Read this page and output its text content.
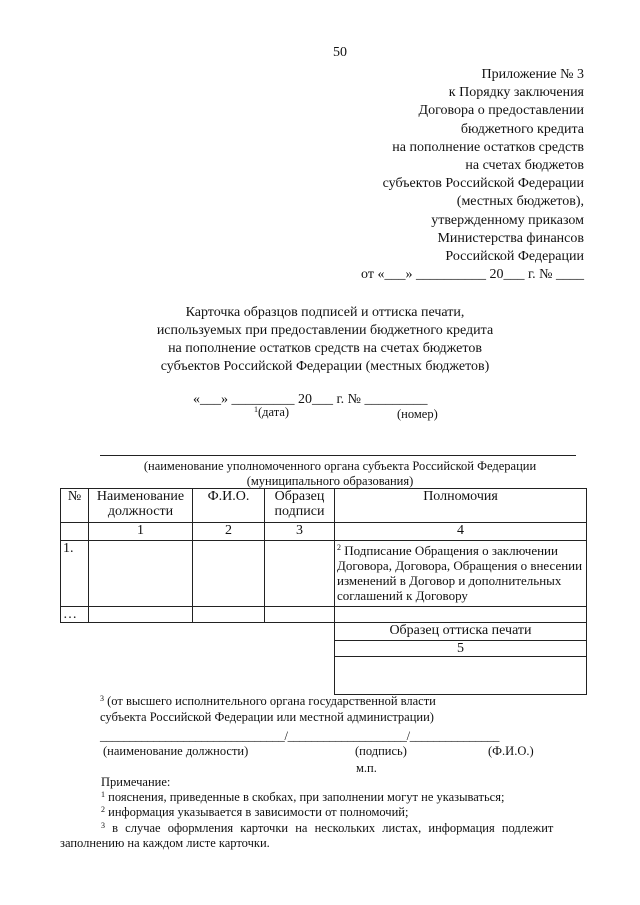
50
Приложение № 3
к Порядку заключения
Договора о предоставлении
бюджетного кредита
на пополнение остатков средств
на счетах бюджетов
субъектов Российской Федерации
(местных бюджетов),
утвержденному приказом
Министерства финансов
Российской Федерации
от «___» __________ 20___ г. № ____
Карточка образцов подписей и оттиска печати,
используемых при предоставлении бюджетного кредита
на пополнение остатков средств на счетах бюджетов
субъектов Российской Федерации (местных бюджетов)
«___» _________ 20___ г. № _________
$^1$(дата)	(номер)
(наименование уполномоченного органа субъекта Российской Федерации
(муниципального образования)
№	Наименование должности	Ф.И.О.	Образец подписи	Полномочия
	1	2	3	4
1.				$^2$ Подписание Обращения о заключении Договора, Договора, Обращения о внесении изменений в Договор и дополнительных соглашений к Договору
…				
Образец оттиска печати
5

$^3$ (от высшего исполнительного органа государственной власти
субъекта Российской Федерации или местной администрации)
_______________________________/____________________/_______________
(наименование должности)	(подпись)	(Ф.И.О.)
м.п.
Примечание:
$^1$ пояснения, приведенные в скобках, при заполнении могут не указываться;
$^2$ информация указывается в зависимости от полномочий;
$^3$ в случае оформления карточки на нескольких листах, информация подлежит
заполнению на каждом листе карточки.
